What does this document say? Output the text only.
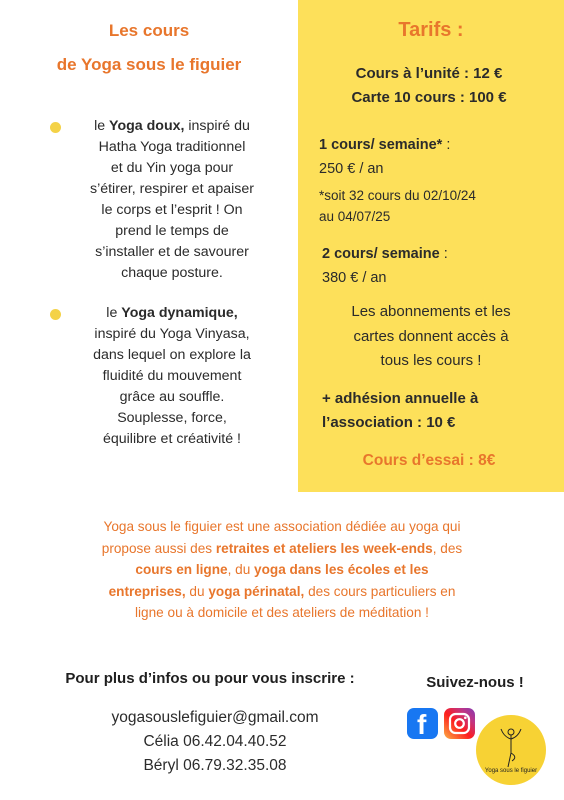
Les cours
de Yoga sous le figuier
le Yoga doux, inspiré du
Hatha Yoga traditionnel
et du Yin yoga pour
s’étirer, respirer et apaiser
le corps et l’esprit ! On
prend le temps de
s’installer et de savourer
chaque posture.
le Yoga dynamique,
inspiré du Yoga Vinyasa,
dans lequel on explore la
fluidité du mouvement
grâce au souffle.
Souplesse, force,
équilibre et créativité !
Tarifs :
Cours à l’unité : 12 €
Carte 10 cours : 100 €
1 cours/ semaine* :
250 € / an
*soit 32 cours du 02/10/24
au 04/07/25
2 cours/ semaine :
380 € / an
Les abonnements et les
cartes donnent accès à
tous les cours !
+ adhésion annuelle à
l’association : 10 €
Cours d’essai : 8€
Yoga sous le figuier est une association dédiée au yoga qui
propose aussi des retraites et ateliers les week-ends, des
cours en ligne, du yoga dans les écoles et les
entreprises, du yoga périnatal, des cours particuliers en
ligne ou à domicile et des ateliers de méditation !
Pour plus d’infos ou pour vous inscrire :
yogasouslefiguier@gmail.com
Célia 06.42.04.40.52
Béryl 06.79.32.35.08
Suivez-nous !
f
Yoga sous le figuier
